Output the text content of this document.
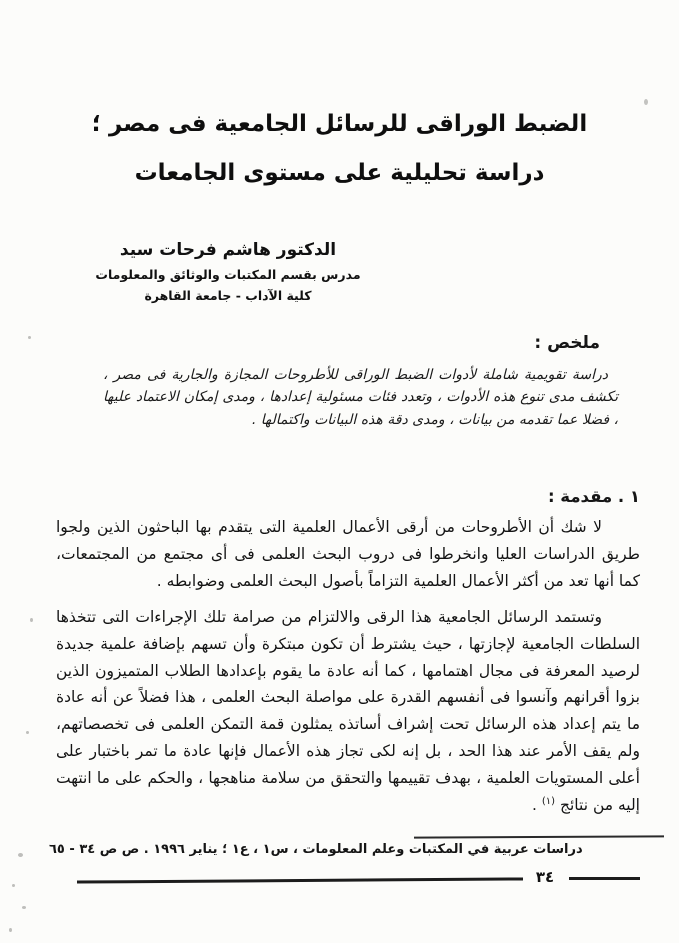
الضبط الوراقى للرسائل الجامعية فى مصر ؛
دراسة تحليلية على مستوى الجامعات
الدكتور هاشم فرحات سيد
مدرس بقسم المكتبات والوثائق والمعلومات
كلية الآداب - جامعة القاهرة
ملخص :
دراسة تقويمية شاملة لأدوات الضبط الوراقى للأطروحات المجازة والجارية فى مصر ، تكشف مدى تنوع هذه الأدوات ، وتعدد فئات مسئولية إعدادها ، ومدى إمكان الاعتماد عليها ، فضلا عما تقدمه من بيانات ، ومدى دقة هذه البيانات واكتمالها .
١ . مقدمة :

لا شك أن الأطروحات من أرقى الأعمال العلمية التى يتقدم بها الباحثون الذين ولجوا طريق الدراسات العليا وانخرطوا فى دروب البحث العلمى فى أى مجتمع من المجتمعات، كما أنها تعد من أكثر الأعمال العلمية التزاماً بأصول البحث العلمى وضوابطه .

وتستمد الرسائل الجامعية هذا الرقى والالتزام من صرامة تلك الإجراءات التى تتخذها السلطات الجامعية لإجازتها ، حيث يشترط أن تكون مبتكرة وأن تسهم بإضافة علمية جديدة لرصيد المعرفة فى مجال اهتمامها ، كما أنه عادة ما يقوم بإعدادها الطلاب المتميزون الذين بزوا أقرانهم وآنسوا فى أنفسهم القدرة على مواصلة البحث العلمى ، هذا فضلاً عن أنه عادة ما يتم إعداد هذه الرسائل تحت إشراف أساتذه يمثلون قمة التمكن العلمى فى تخصصاتهم، ولم يقف الأمر عند هذا الحد ، بل إنه لكى تجاز هذه الأعمال فإنها عادة ما تمر باختبار على أعلى المستويات العلمية ، بهدف تقييمها والتحقق من سلامة مناهجها ، والحكم على ما انتهت إليه من نتائج $^{(١)}$ .

دراسات عربية في المكتبات وعلم المعلومات ، س١ ، ع١ ؛ يناير ١٩٩٦ . ص ص ٣٤ - ٦٥
٣٤
